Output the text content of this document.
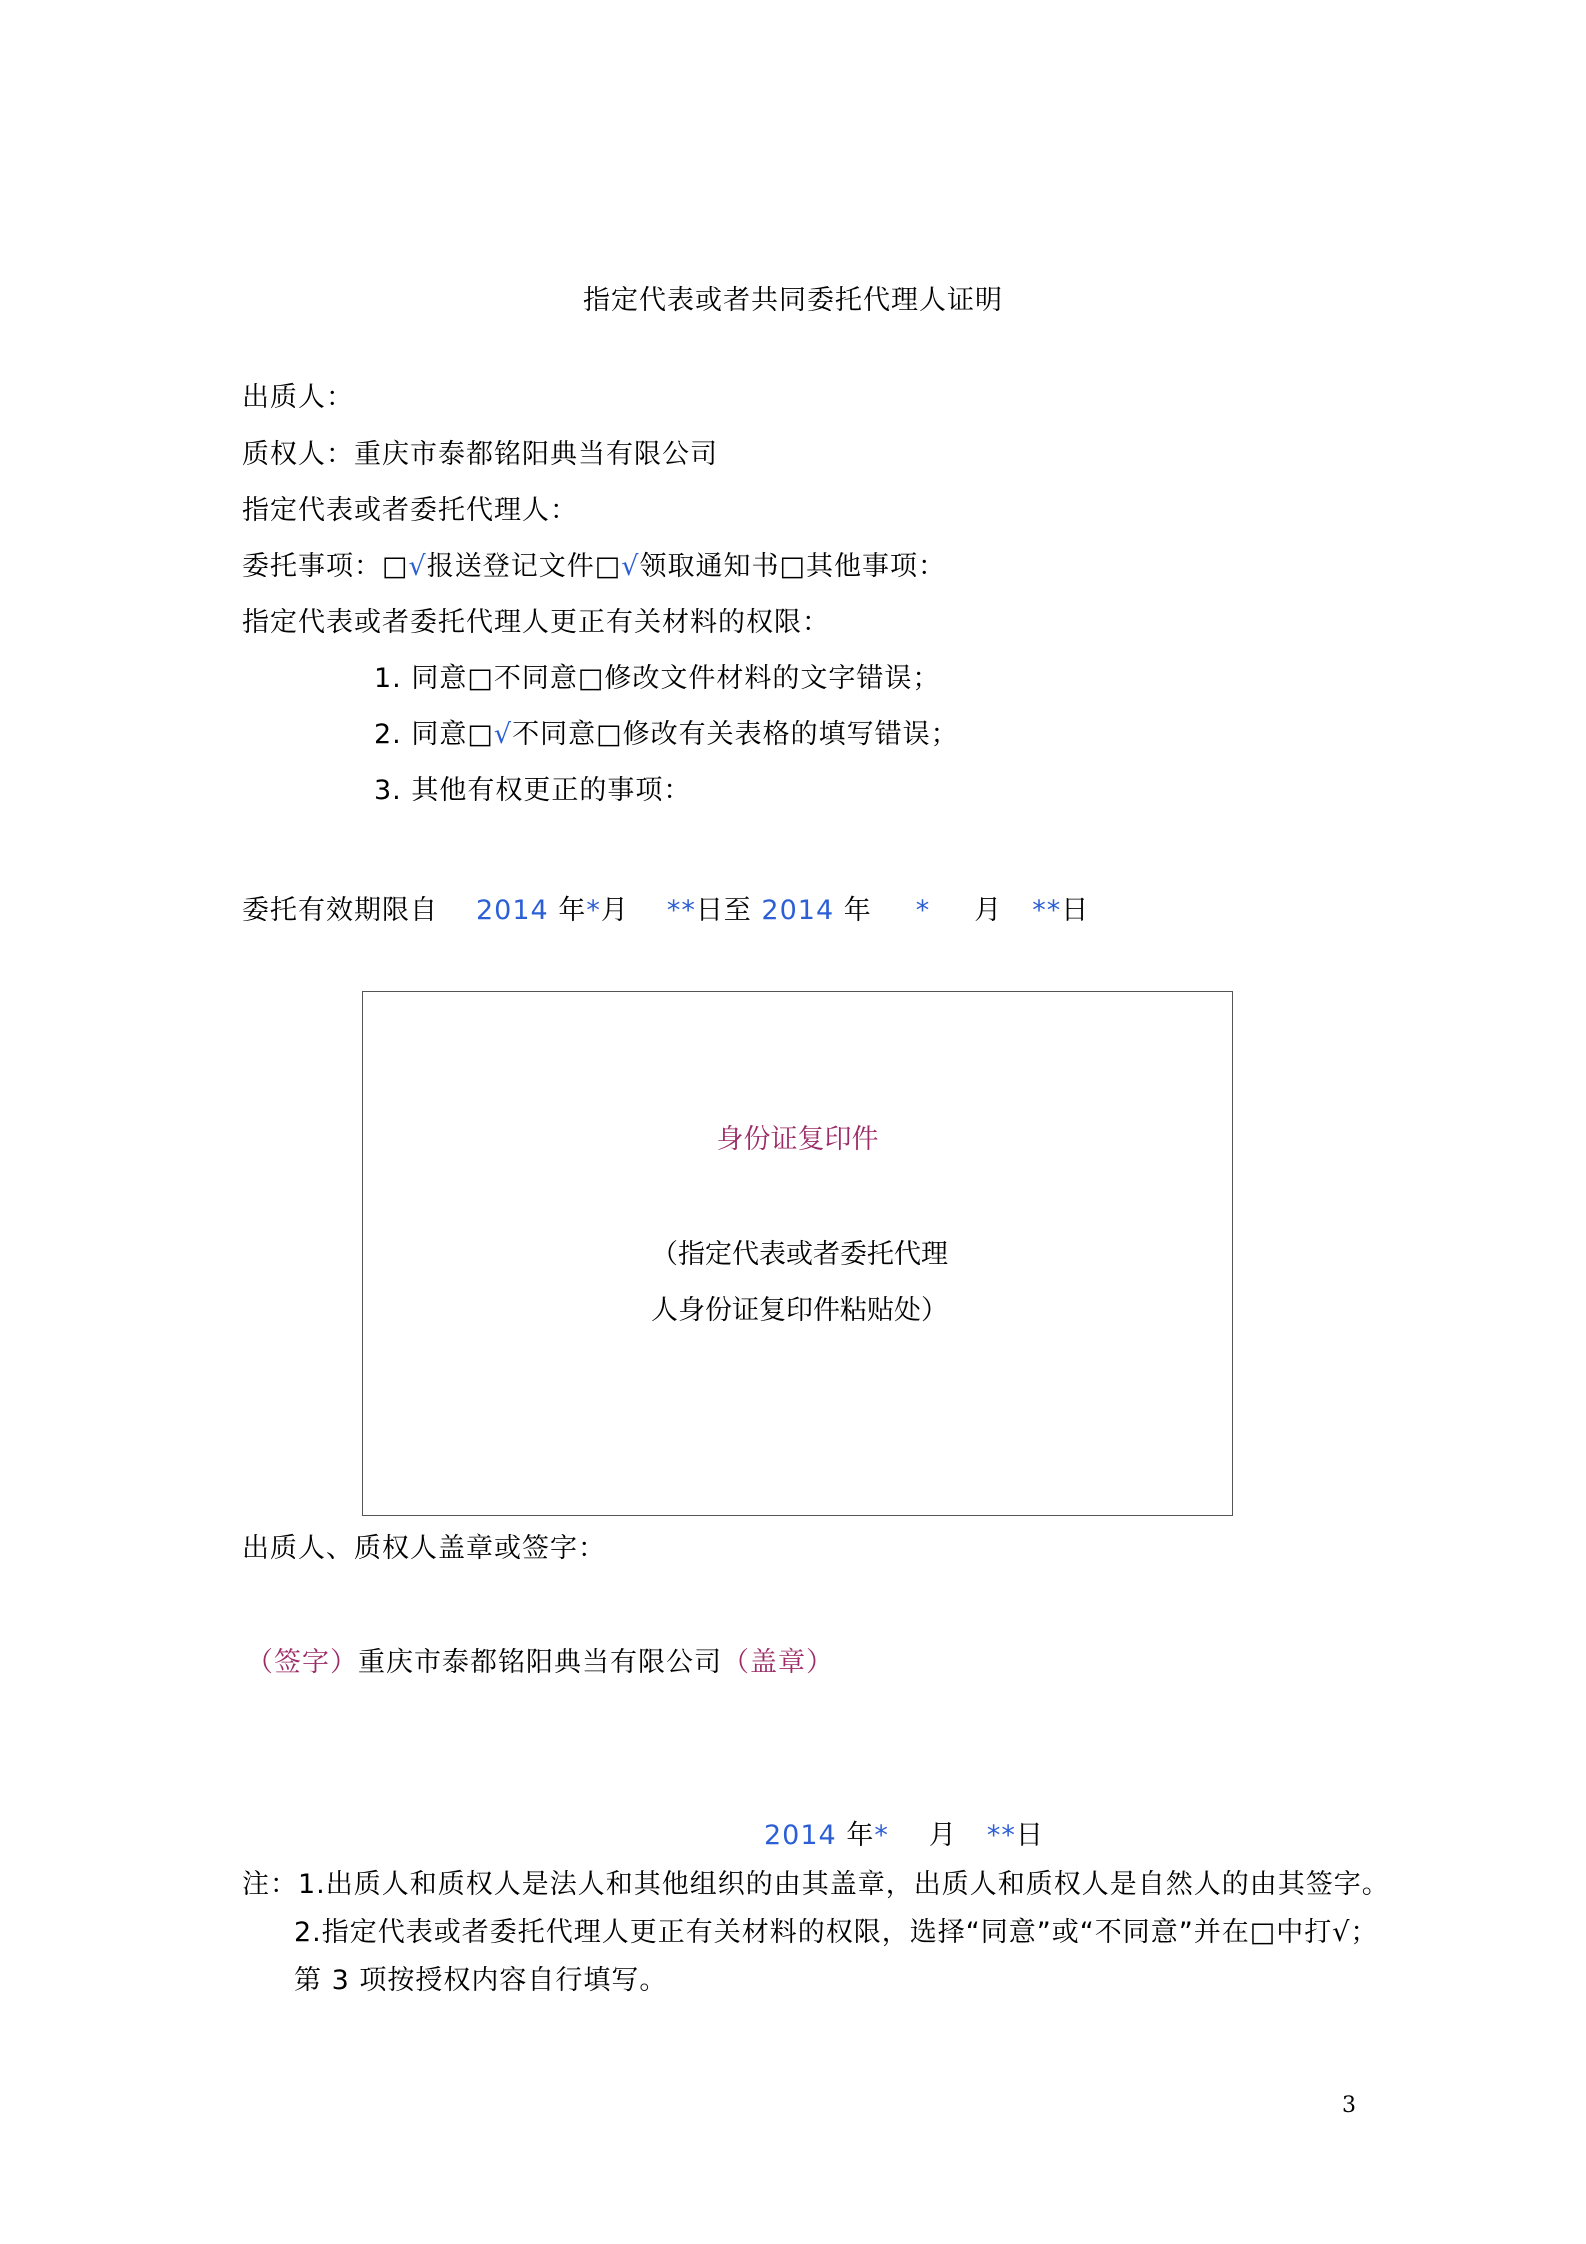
指定代表或者共同委托代理人证明
出质人：
质权人：重庆市泰都铭阳典当有限公司
指定代表或者委托代理人：
委托事项：□√报送登记文件□√领取通知书□其他事项：
指定代表或者委托代理人更正有关材料的权限：
1. 同意□不同意□修改文件材料的文字错误；
2. 同意□√不同意□修改有关表格的填写错误；
3. 其他有权更正的事项：
委托有效期限自 2014 年*月 **日至 2014 年 * 月 **日
身份证复印件
（指定代表或者委托代理
人身份证复印件粘贴处）
出质人、质权人盖章或签字：
（签字）重庆市泰都铭阳典当有限公司（盖章）
2014 年* 月 **日
注：1.出质人和质权人是法人和其他组织的由其盖章，出质人和质权人是自然人的由其签字。
2.指定代表或者委托代理人更正有关材料的权限，选择“同意”或“不同意”并在□中打√；
第 3 项按授权内容自行填写。
3
